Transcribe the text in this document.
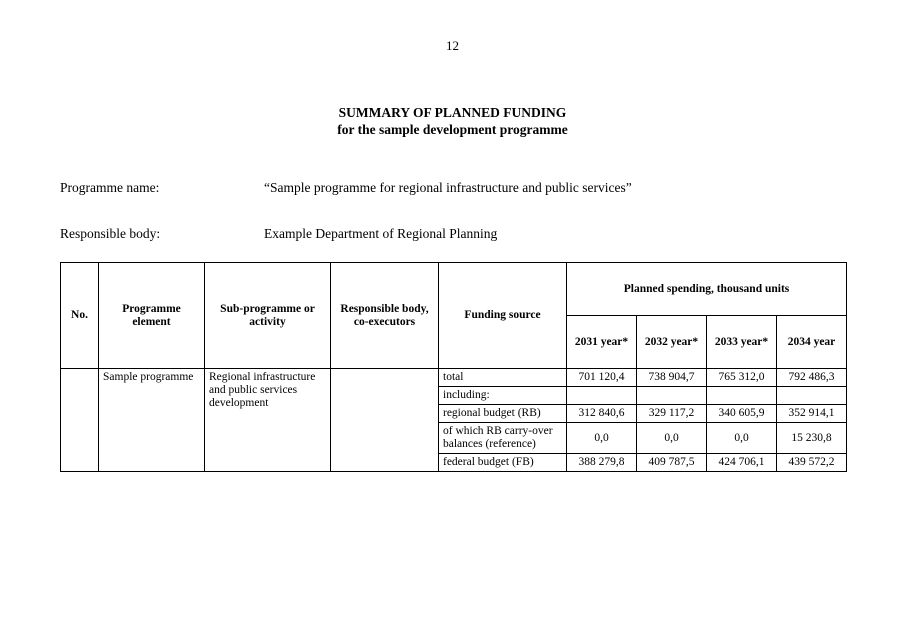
12
SUMMARY OF PLANNED FUNDING
for the sample development programme
Programme name:	“Sample programme for regional infrastructure and public services”
Responsible body:	Example Department of Regional Planning
No.	Programme element	Sub-programme or activity	Responsible body, co-executors	Funding source	Planned spending, thousand units			
					2031 year*	2032 year*	2033 year*	2034 year
	Sample programme	Regional infrastructure and public services development		total	701 120,4	738 904,7	765 312,0	792 486,3
				including:				
				regional budget (RB)	312 840,6	329 117,2	340 605,9	352 914,1
				of which RB carry-over balances (reference)	0,0	0,0	0,0	15 230,8
				federal budget (FB)	388 279,8	409 787,5	424 706,1	439 572,2
